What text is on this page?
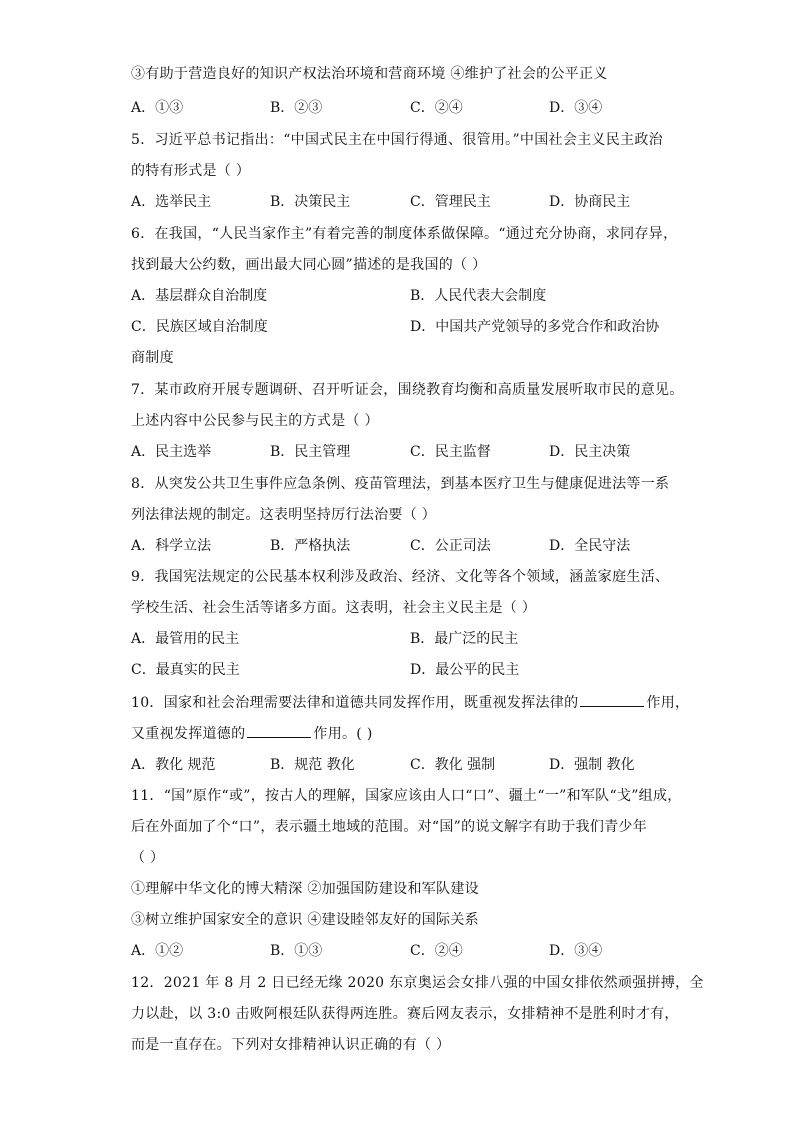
③有助于营造良好的知识产权法治环境和营商环境 ④维护了社会的公平正义
A．①③	B．②③	C．②④	D．③④
5．习近平总书记指出：“中国式民主在中国行得通、很管用。”中国社会主义民主政治
的特有形式是（ ）
A．选举民主	B．决策民主	C．管理民主	D．协商民主
6．在我国，“人民当家作主”有着完善的制度体系做保障。“通过充分协商，求同存异，
找到最大公约数，画出最大同心圆”描述的是我国的（ ）
A．基层群众自治制度	B．人民代表大会制度
C．民族区域自治制度	D．中国共产党领导的多党合作和政治协
商制度
7．某市政府开展专题调研、召开听证会，围绕教育均衡和高质量发展听取市民的意见。
上述内容中公民参与民主的方式是（ ）
A．民主选举	B．民主管理	C．民主监督	D．民主决策
8．从突发公共卫生事件应急条例、疫苗管理法，到基本医疗卫生与健康促进法等一系
列法律法规的制定。这表明坚持厉行法治要（ ）
A．科学立法	B．严格执法	C．公正司法	D．全民守法
9．我国宪法规定的公民基本权利涉及政治、经济、文化等各个领域，涵盖家庭生活、
学校生活、社会生活等诸多方面。这表明，社会主义民主是（ ）
A．最管用的民主	B．最广泛的民主
C．最真实的民主	D．最公平的民主
10．国家和社会治理需要法律和道德共同发挥作用，既重视发挥法律的	作用，
又重视发挥道德的	作用。( )
A．教化 规范	B．规范 教化	C．教化 强制	D．强制 教化
11．“国”原作“或”，按古人的理解，国家应该由人口“口”、疆土“一”和军队“戈”组成，
后在外面加了个“口”，表示疆土地域的范围。对“国”的说文解字有助于我们青少年
（ ）
①理解中华文化的博大精深 ②加强国防建设和军队建设
③树立维护国家安全的意识 ④建设睦邻友好的国际关系
A．①②	B．①③	C．②④	D．③④
12．2021 年 8 月 2 日已经无缘 2020 东京奥运会女排八强的中国女排依然顽强拼搏，全
力以赴，以 3:0 击败阿根廷队获得两连胜。赛后网友表示，女排精神不是胜利时才有，
而是一直存在。下列对女排精神认识正确的有（ ）
